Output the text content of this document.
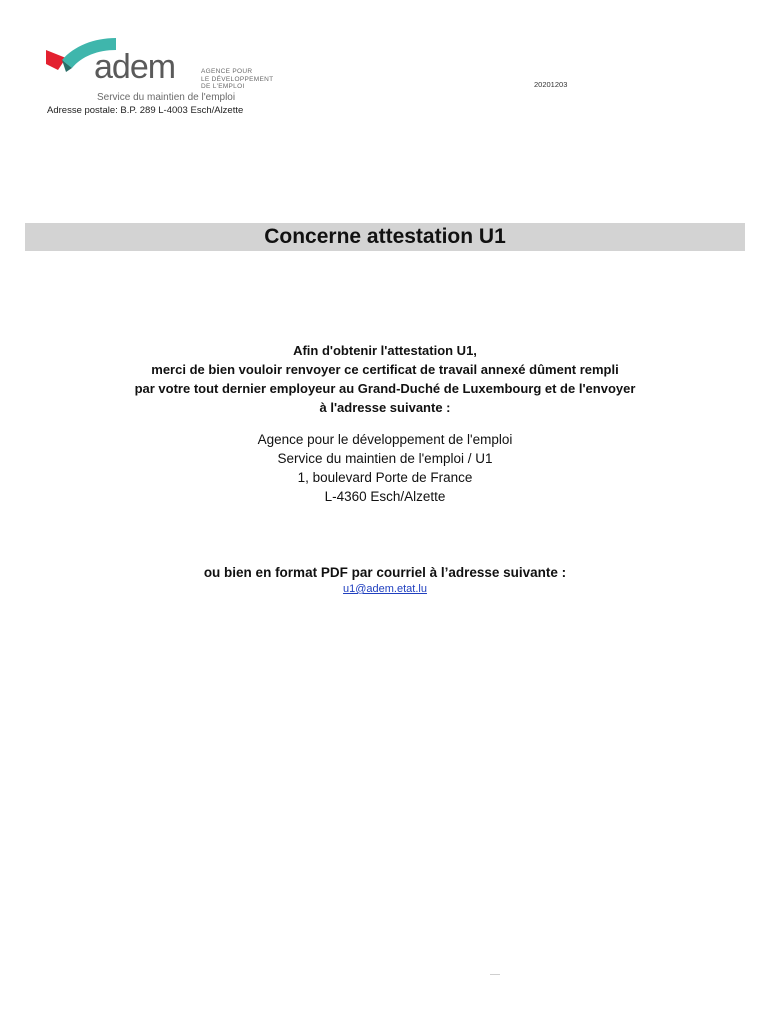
adem	AGENCE POUR
LE DÉVELOPPEMENT
DE L'EMPLOI
Service du maintien de l'emploi
20201203
Adresse postale: B.P. 289 L-4003 Esch/Alzette
Concerne attestation U1
Afin d'obtenir l'attestation U1,
merci de bien vouloir renvoyer ce certificat de travail annexé dûment rempli
par votre tout dernier employeur au Grand-Duché de Luxembourg et de l'envoyer
à l'adresse suivante :
Agence pour le développement de l'emploi
Service du maintien de l'emploi / U1
1, boulevard Porte de France
L-4360 Esch/Alzette
ou bien en format PDF par courriel à l’adresse suivante :
u1@adem.etat.lu
